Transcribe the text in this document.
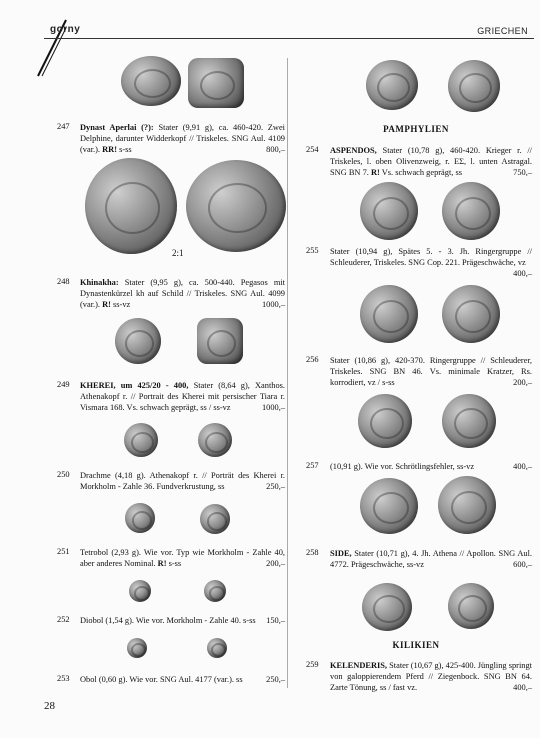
gorny	GRIECHEN
247 Dynast Aperlai (?): Stater (9,91 g), ca. 460-420. Zwei Delphine, darunter Widderkopf // Triskeles. SNG Aul. 4109 (var.). RR! s-ss	800,–
2:1
248 Khinakha: Stater (9,95 g), ca. 500-440. Pegasos mit Dynastenkürzel kh auf Schild // Triskeles. SNG Aul. 4099 (var.). R! ss-vz	1000,–
249 KHEREI, um 425/20 - 400, Stater (8,64 g), Xanthos. Athenakopf r. // Portrait des Kherei mit persischer Tiara r. Vismara 168. Vs. schwach geprägt, ss / ss-vz	1000,–
250 Drachme (4,18 g). Athenakopf r. // Porträt des Kherei r. Morkholm - Zahle 36. Fundverkrustung, ss	250,–
251 Tetrobol (2,93 g). Wie vor. Typ wie Morkholm - Zahle 40, aber anderes Nominal. R! s-ss	200,–
252 Diobol (1,54 g). Wie vor. Morkholm - Zahle 40. s-ss 150,–
253 Obol (0,60 g). Wie vor. SNG Aul. 4177 (var.). ss	250,–
PAMPHYLIEN
254 ASPENDOS, Stater (10,78 g), 460-420. Krieger r. // Triskeles, l. oben Olivenzweig, r. EΣ, l. unten Astragal. SNG BN 7. R! Vs. schwach geprägt, ss	750,–
255 Stater (10,94 g), Spätes 5. - 3. Jh. Ringergruppe // Schleuderer, Triskeles. SNG Cop. 221. Prägeschwäche, vz
400,–
256 Stater (10,86 g), 420-370. Ringergruppe // Schleuderer, Triskeles. SNG BN 46. Vs. minimale Kratzer, Rs. korrodiert, vz / s-ss	200,–
257 (10,91 g). Wie vor. Schrötlingsfehler, ss-vz	400,–
258 SIDE, Stater (10,71 g), 4. Jh. Athena // Apollon. SNG Aul. 4772. Prägeschwäche, ss-vz	600,–
KILIKIEN
259 KELENDERIS, Stater (10,67 g), 425-400. Jüngling springt von galoppierendem Pferd // Ziegenbock. SNG BN 64. Zarte Tönung, ss / fast vz.	400,–
28
